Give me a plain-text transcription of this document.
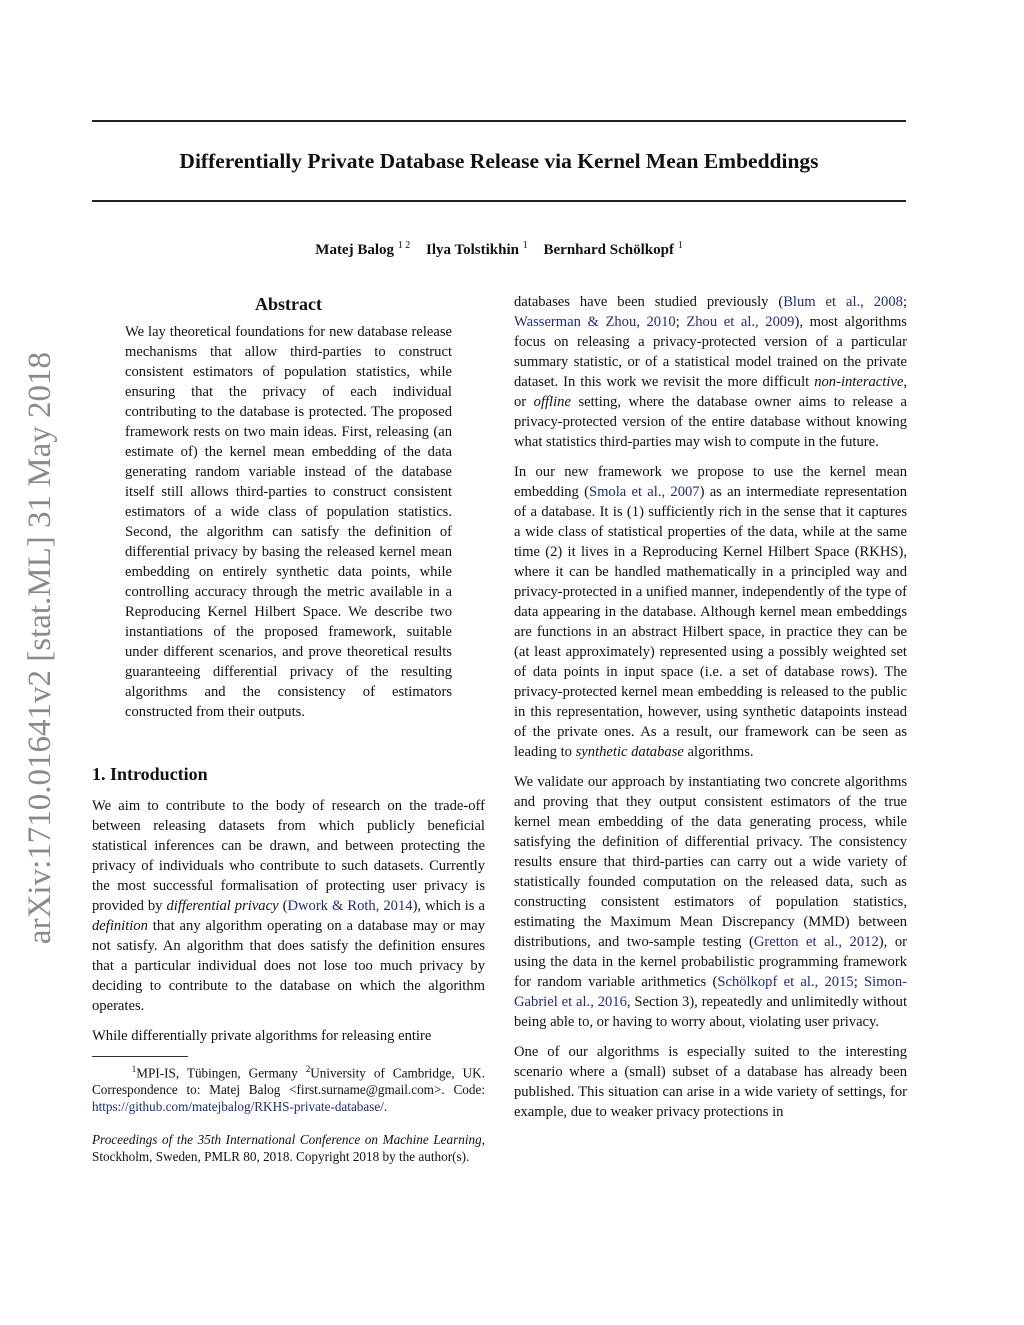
Differentially Private Database Release via Kernel Mean Embeddings
Matej Balog $^{1 2}$ Ilya Tolstikhin $^1$ Bernhard Schölkopf $^1$
arXiv:1710.01641v2 [stat.ML] 31 May 2018
Abstract

We lay theoretical foundations for new database release mechanisms that allow third-parties to construct consistent estimators of population statistics, while ensuring that the privacy of each individual contributing to the database is protected. The proposed framework rests on two main ideas. First, releasing (an estimate of) the kernel mean embedding of the data generating random variable instead of the database itself still allows third-parties to construct consistent estimators of a wide class of population statistics. Second, the algorithm can satisfy the definition of differential privacy by basing the released kernel mean embedding on entirely synthetic data points, while controlling accuracy through the metric available in a Reproducing Kernel Hilbert Space. We describe two instantiations of the proposed framework, suitable under different scenarios, and prove theoretical results guaranteeing differential privacy of the resulting algorithms and the consistency of estimators constructed from their outputs.

1. Introduction

We aim to contribute to the body of research on the trade-off between releasing datasets from which publicly beneficial statistical inferences can be drawn, and between protecting the privacy of individuals who contribute to such datasets. Currently the most successful formalisation of protecting user privacy is provided by differential privacy (Dwork & Roth, 2014), which is a definition that any algorithm operating on a database may or may not satisfy. An algorithm that does satisfy the definition ensures that a particular individual does not lose too much privacy by deciding to contribute to the database on which the algorithm operates.

While differentially private algorithms for releasing entire

$^1$MPI-IS, Tübingen, Germany $^2$University of Cambridge, UK. Correspondence to: Matej Balog <first.surname@gmail.com>. Code: https://github.com/matejbalog/RKHS-private-database/.

Proceedings of the 35th International Conference on Machine Learning, Stockholm, Sweden, PMLR 80, 2018. Copyright 2018 by the author(s).

databases have been studied previously (Blum et al., 2008; Wasserman & Zhou, 2010; Zhou et al., 2009), most algorithms focus on releasing a privacy-protected version of a particular summary statistic, or of a statistical model trained on the private dataset. In this work we revisit the more difficult non-interactive, or offline setting, where the database owner aims to release a privacy-protected version of the entire database without knowing what statistics third-parties may wish to compute in the future.

In our new framework we propose to use the kernel mean embedding (Smola et al., 2007) as an intermediate representation of a database. It is (1) sufficiently rich in the sense that it captures a wide class of statistical properties of the data, while at the same time (2) it lives in a Reproducing Kernel Hilbert Space (RKHS), where it can be handled mathematically in a principled way and privacy-protected in a unified manner, independently of the type of data appearing in the database. Although kernel mean embeddings are functions in an abstract Hilbert space, in practice they can be (at least approximately) represented using a possibly weighted set of data points in input space (i.e. a set of database rows). The privacy-protected kernel mean embedding is released to the public in this representation, however, using synthetic datapoints instead of the private ones. As a result, our framework can be seen as leading to synthetic database algorithms.

We validate our approach by instantiating two concrete algorithms and proving that they output consistent estimators of the true kernel mean embedding of the data generating process, while satisfying the definition of differential privacy. The consistency results ensure that third-parties can carry out a wide variety of statistically founded computation on the released data, such as constructing consistent estimators of population statistics, estimating the Maximum Mean Discrepancy (MMD) between distributions, and two-sample testing (Gretton et al., 2012), or using the data in the kernel probabilistic programming framework for random variable arithmetics (Schölkopf et al., 2015; Simon-Gabriel et al., 2016, Section 3), repeatedly and unlimitedly without being able to, or having to worry about, violating user privacy.

One of our algorithms is especially suited to the interesting scenario where a (small) subset of a database has already been published. This situation can arise in a wide variety of settings, for example, due to weaker privacy protections in
